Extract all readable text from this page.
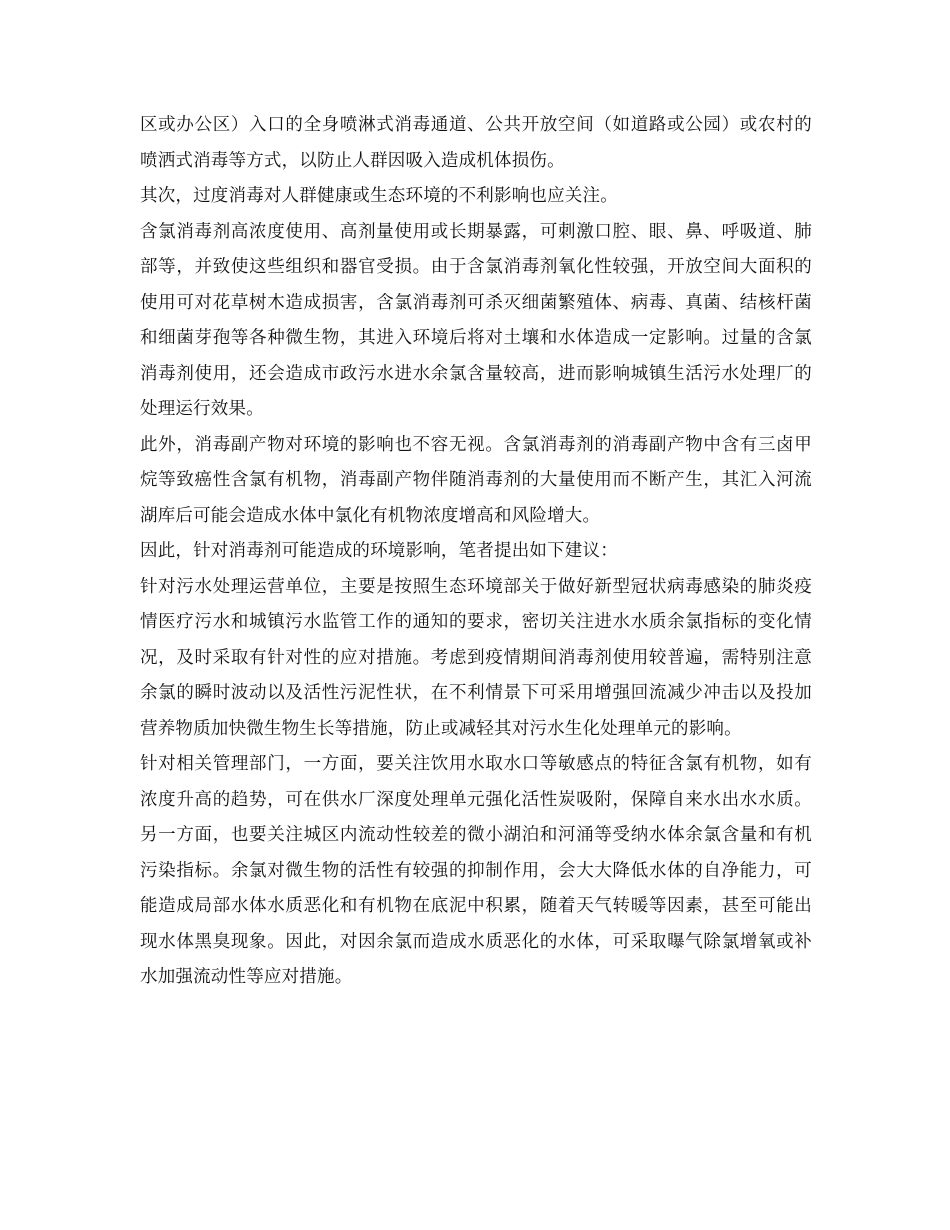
区或办公区）入口的全身喷淋式消毒通道、公共开放空间（如道路或公园）或农村的喷洒式消毒等方式，以防止人群因吸入造成机体损伤。

其次，过度消毒对人群健康或生态环境的不利影响也应关注。

含氯消毒剂高浓度使用、高剂量使用或长期暴露，可刺激口腔、眼、鼻、呼吸道、肺部等，并致使这些组织和器官受损。由于含氯消毒剂氧化性较强，开放空间大面积的使用可对花草树木造成损害，含氯消毒剂可杀灭细菌繁殖体、病毒、真菌、结核杆菌和细菌芽孢等各种微生物，其进入环境后将对土壤和水体造成一定影响。过量的含氯消毒剂使用，还会造成市政污水进水余氯含量较高，进而影响城镇生活污水处理厂的处理运行效果。

此外，消毒副产物对环境的影响也不容无视。含氯消毒剂的消毒副产物中含有三卤甲烷等致癌性含氯有机物，消毒副产物伴随消毒剂的大量使用而不断产生，其汇入河流湖库后可能会造成水体中氯化有机物浓度增高和风险增大。

因此，针对消毒剂可能造成的环境影响，笔者提出如下建议：

针对污水处理运营单位，主要是按照生态环境部关于做好新型冠状病毒感染的肺炎疫情医疗污水和城镇污水监管工作的通知的要求，密切关注进水水质余氯指标的变化情况，及时采取有针对性的应对措施。考虑到疫情期间消毒剂使用较普遍，需特别注意余氯的瞬时波动以及活性污泥性状，在不利情景下可采用增强回流减少冲击以及投加营养物质加快微生物生长等措施，防止或减轻其对污水生化处理单元的影响。

针对相关管理部门，一方面，要关注饮用水取水口等敏感点的特征含氯有机物，如有浓度升高的趋势，可在供水厂深度处理单元强化活性炭吸附，保障自来水出水水质。另一方面，也要关注城区内流动性较差的微小湖泊和河涌等受纳水体余氯含量和有机污染指标。余氯对微生物的活性有较强的抑制作用，会大大降低水体的自净能力，可能造成局部水体水质恶化和有机物在底泥中积累，随着天气转暖等因素，甚至可能出现水体黑臭现象。因此，对因余氯而造成水质恶化的水体，可采取曝气除氯增氧或补水加强流动性等应对措施。
